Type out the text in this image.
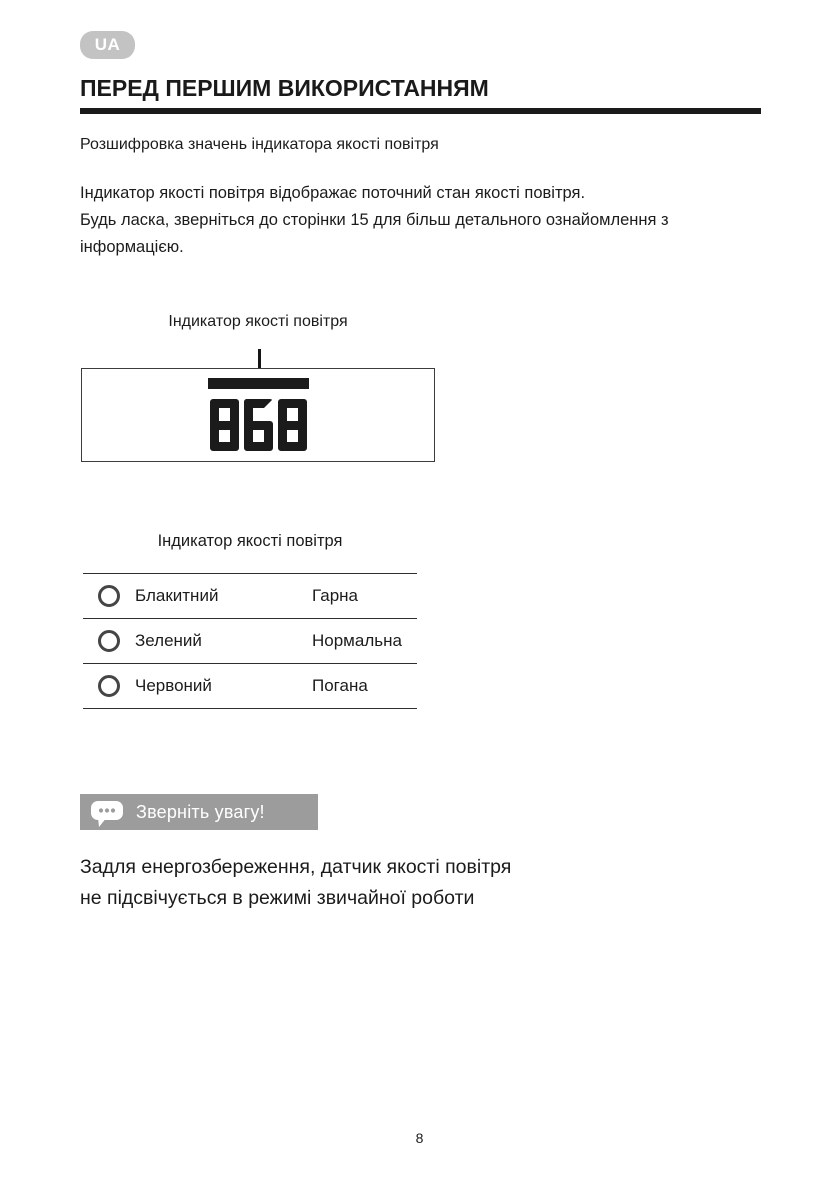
UA
ПЕРЕД ПЕРШИМ ВИКОРИСТАННЯМ
Розшифровка значень індикатора якості повітря
Індикатор якості повітря відображає поточний стан якості повітря.
Будь ласка, зверніться до сторінки 15 для більш детального ознайомлення з
інформацією.
Індикатор якості повітря
Індикатор якості повітря
Блакитний	Гарна
Зелений	Нормальна
Червоний	Погана
Зверніть увагу!
Задля енергозбереження, датчик якості повітря
не підсвічується в режимі звичайної роботи
8
